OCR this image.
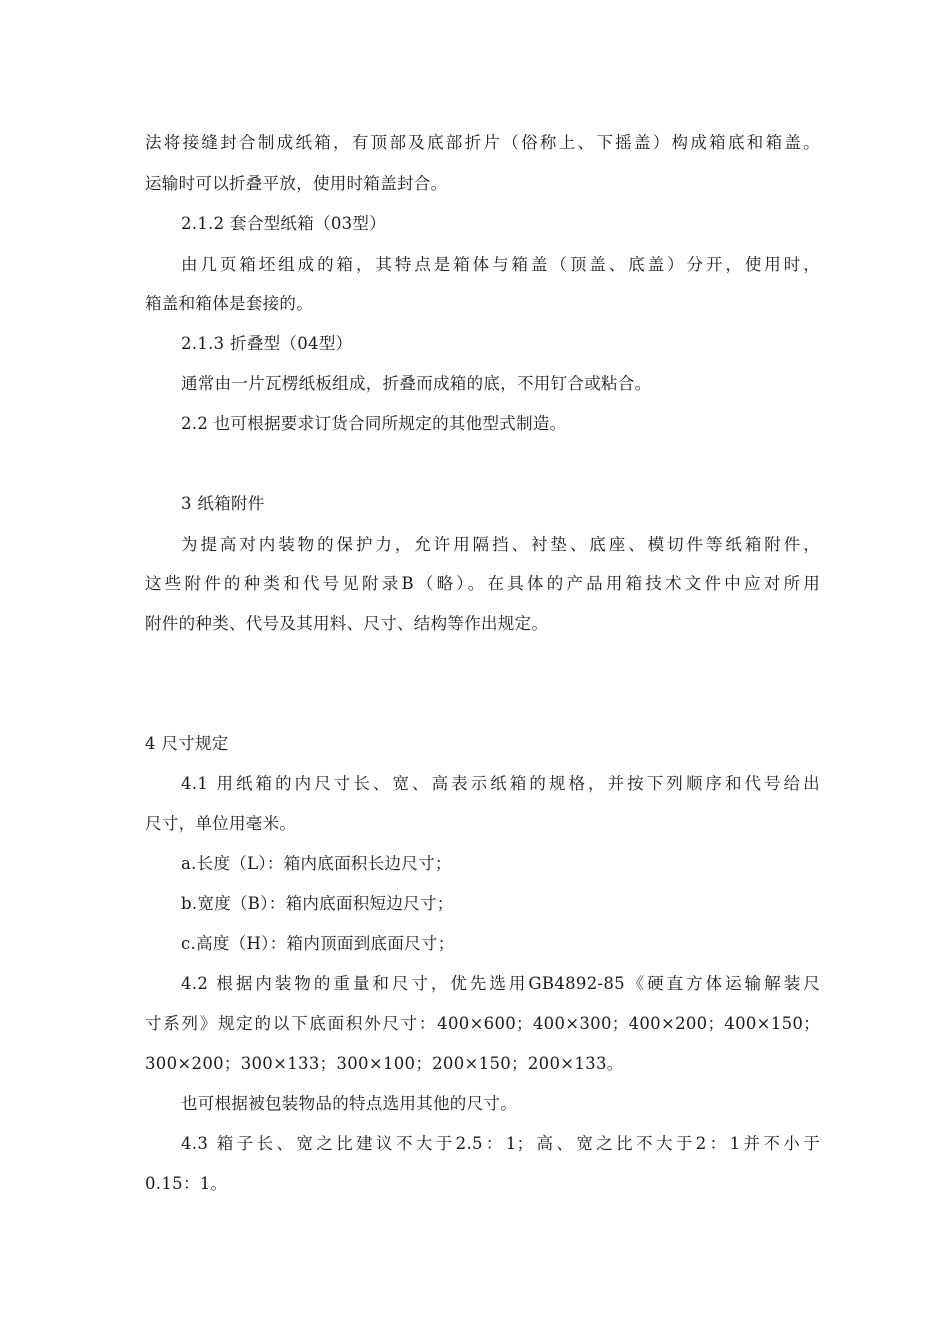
法将接缝封合制成纸箱，有顶部及底部折片（俗称上、下摇盖）构成箱底和箱盖。
运输时可以折叠平放，使用时箱盖封合。
2.1.2 套合型纸箱（03型）
由几页箱坯组成的箱，其特点是箱体与箱盖（顶盖、底盖）分开，使用时，
箱盖和箱体是套接的。
2.1.3 折叠型（04型）
通常由一片瓦楞纸板组成，折叠而成箱的底，不用钉合或粘合。
2.2 也可根据要求订货合同所规定的其他型式制造。
3 纸箱附件
为提高对内装物的保护力，允许用隔挡、衬垫、底座、模切件等纸箱附件，
这些附件的种类和代号见附录B（略）。在具体的产品用箱技术文件中应对所用
附件的种类、代号及其用料、尺寸、结构等作出规定。
4 尺寸规定
4.1 用纸箱的内尺寸长、宽、高表示纸箱的规格，并按下列顺序和代号给出
尺寸，单位用毫米。
a.长度（L）：箱内底面积长边尺寸；
b.宽度（B）：箱内底面积短边尺寸；
c.高度（H）：箱内顶面到底面尺寸；
4.2 根据内装物的重量和尺寸，优先选用GB4892-85《硬直方体运输解装尺
寸系列》规定的以下底面积外尺寸：400×600；400×300；400×200；400×150；
300×200；300×133；300×100；200×150；200×133。
也可根据被包装物品的特点选用其他的尺寸。
4.3 箱子长、宽之比建议不大于2.5：1；高、宽之比不大于2：1并不小于
0.15：1。
